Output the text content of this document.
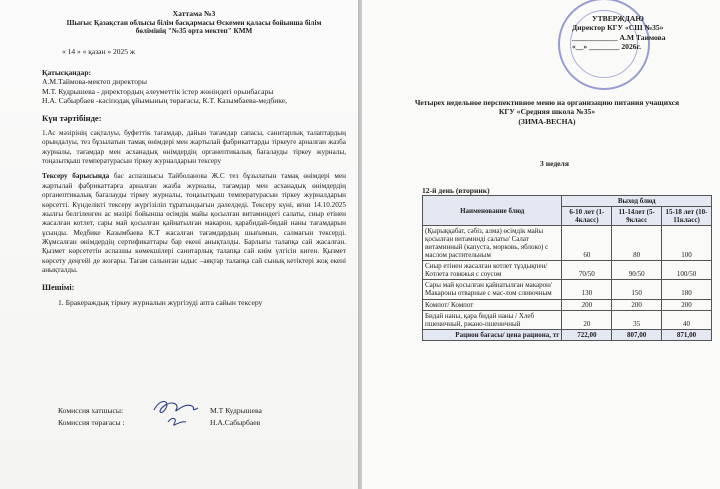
Хаттама №3
Шығыс Қазақстан облысы білім басқармасы Өскемен қаласы бойынша білім бөлімінің "№35 орта мектеп" КММ
« 14 » « қазан » 2025 ж
Қатысқандар:
А.М.Таймова-мектеп директоры
М.Т. Кудрышева - директордың әлеуметтік істер жөніндегі орынбасары
Н.А. Сабырбаев -кәсіподақ ұйымының төрағасы, К.Т. Казымбаева-медбике,
Күн тәртібінде:
1.Ас мәзірінің сақталуы, буфеттік тағамдар, дайын тағамдар сапасы, санитарлық талаптардың орындалуы, тез бұзылатын тамақ өнімдері мен жартылай фабрикаттарды тіркеуге арналған жазба журналы, тағамдар мен асханадық өнімдердің органептикалық бағалауды тіркеу журналы, тоңазытқыш температурасын тіркеу журналдарын тексеру
Тексеру барысында бас аспазшысы Тайболанова Ж.С тез бұзылатын тамақ өнімдері мен жартылай фабрикаттарға арналған жазба журналы, тағамдар мен асханадық өнімдердің органептикалық бағалауды тіркеу журналы, тоңазытқыш температурасын тіркеу журналдарын көрсетті. Күнделікті тексеру жүргізіліп тұратындығын дәлелдеді. Тексеру күні, яғни 14.10.2025 жылғы белгіленген ас мәзірі бойынша өсімдік майы қосылған витаминдегі салаты, сиыр етінен жасалған котлет, сары май қосылған қайнатылған макарон, қарабидай-бидай наны тағамдарын ұсынды. Медбике Казымбаева К.Т жасалған тағамдардың шығымын, салмағын тексерді. Жұмсалған өнімдердің сертификаттары бар екені анықталды. Барлығы талапқа сай жасалған. Қызмет көрсететін аспазшы көмекшілері санитарлық талапқа сай киім үлгісін киген. Қызмет көрсету деңгейі де жоғары. Тағам салынған ыдыс –аяқтар талапқа сай сынық кетіктері жоқ екені анықталды.
Шешімі:
1. Бракераждық тіркеу журналын жүргізуді апта сайын тексеру
Комиссия хатшысы:	М.Т Кудрышева
Комиссия төрағасы :	Н.А.Сабырбаев
УТВЕРЖДАЮ
Директор КГУ «СШ №35»
____________ А.М Таимова
«__» ________ 2026г.
Четырех недельное перспективное меню на организацию питания учащихся
КГУ «Средняя школа №35»
(ЗИМА-ВЕСНА)
3 неделя
12-й день (вторник)
Наименование блюд	Выход блюд		
	6-10 лет (1-4класс)	11-14лет (5-9класс	15-18 лет (10-11класс)
(Қырыққабат, сәбіз, алма) өсімдік майы қосылған витаминді салаты/ Салат витаминный (капуста, морковь, яблоко) с маслом растительным	60	80	100
Сиыр етінен жасалған котлет тұздықпен/ Котлета говяжья с соусом	70/50	90/50	100/50
Сары май қосылған қайнатылған макарон/ Макароны отварные с мас-лом сливочным	130	150	180
Компот/ Компот	200	200	200
Бидай наны, қара бидай наны / Хлеб пшеничный, ржано-пшеничный	20	35	40
Рацион бағасы/ цена рациона, тг	722,00	807,00	871,00
